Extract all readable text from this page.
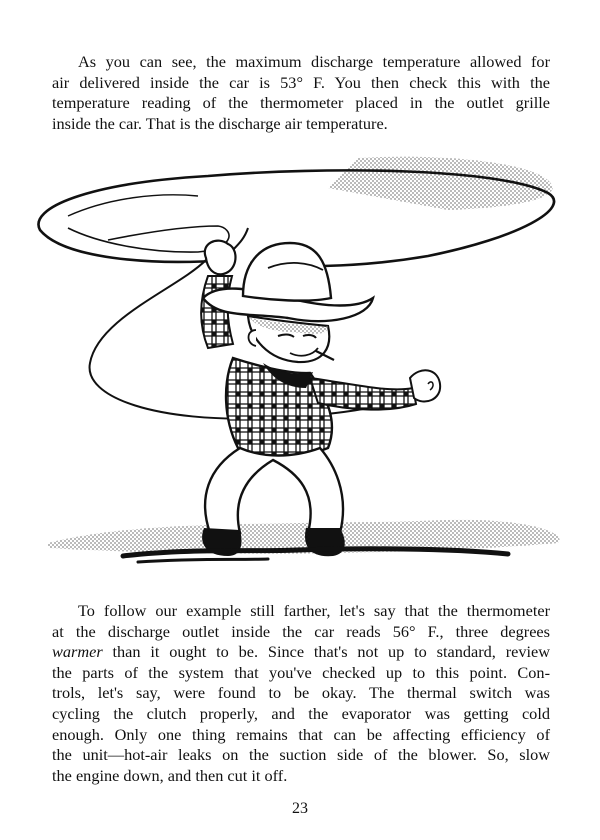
As you can see, the maximum discharge temperature allowed for
air delivered inside the car is 53° F. You then check this with the
temperature reading of the thermometer placed in the outlet grille
inside the car. That is the discharge air temperature.
To follow our example still farther, let's say that the thermometer
at the discharge outlet inside the car reads 56° F., three degrees
warmer than it ought to be. Since that's not up to standard, review
the parts of the system that you've checked up to this point. Con-
trols, let's say, were found to be okay. The thermal switch was
cycling the clutch properly, and the evaporator was getting cold
enough. Only one thing remains that can be affecting efficiency of
the unit—hot-air leaks on the suction side of the blower. So, slow
the engine down, and then cut it off.
23
